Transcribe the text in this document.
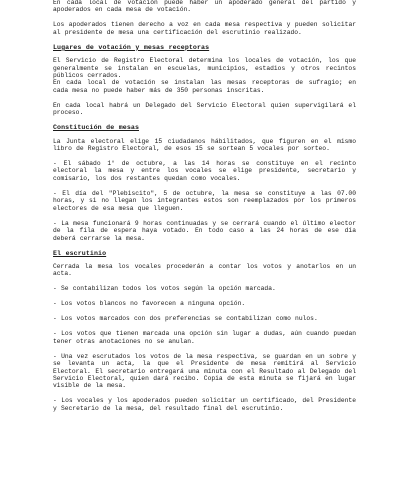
En cada local de votación puede haber un apoderado general del partido y apoderados en cada mesa de votación.

Los apoderados tienen derecho a voz en cada mesa respectiva y pueden solicitar al presidente de mesa una certificación del escrutinio realizado.

Lugares de votación y mesas receptoras

El Servicio de Registro Electoral determina los locales de votación, los que generalmente se instalan en escuelas, municipios, estadios y otros recintos públicos cerrados.

En cada local de votación se instalan las mesas receptoras de sufragio; en cada mesa no puede haber más de 350 personas inscritas.

En cada local habrá un Delegado del Servicio Electoral quien supervigilará el proceso.

Constitución de mesas

La Junta electoral elige 15 ciudadanos hábilitados, que figuren en el mismo libro de Registro Electoral, de esos 15 se sortean 5 vocales por sorteo.

- El sábado 1° de octubre, a las 14 horas se constituye en el recinto electoral la mesa y entre los vocales se elige presidente, secretario y comisario, los dos restantes quedan como vocales.

- El día del "Plebiscito", 5 de octubre, la mesa se constituye a las 07.00 horas, y si no llegan los integrantes estos son reemplazados por los primeros electores de esa mesa que lleguen.

- La mesa funcionará 9 horas continuadas y se cerrará cuando el último elector de la fila de espera haya votado. En todo caso a las 24 horas de ese día deberá cerrarse la mesa.

El escrutinio

Cerrada la mesa los vocales procederán a contar los votos y anotarlos en un acta.

- Se contabilizan todos los votos según la opción marcada.

- Los votos blancos no favorecen a ninguna opción.

- Los votos marcados con dos preferencias se contabilizan como nulos.

- Los votos que tienen marcada una opción sin lugar a dudas, aún cuando puedan tener otras anotaciones no se anulan.

- Una vez escrutados los votos de la mesa respectiva, se guardan en un sobre y se levanta un acta, la que el Presidente de mesa remitirá al Servicio Electoral. El secretario entregará una minuta con el Resultado al Delegado del Servicio Electoral, quien dará recibo. Copia de esta minuta se fijará en lugar visible de la mesa.

- Los vocales y los apoderados pueden solicitar un certificado, del Presidente y Secretario de la mesa, del resultado final del escrutinio.
